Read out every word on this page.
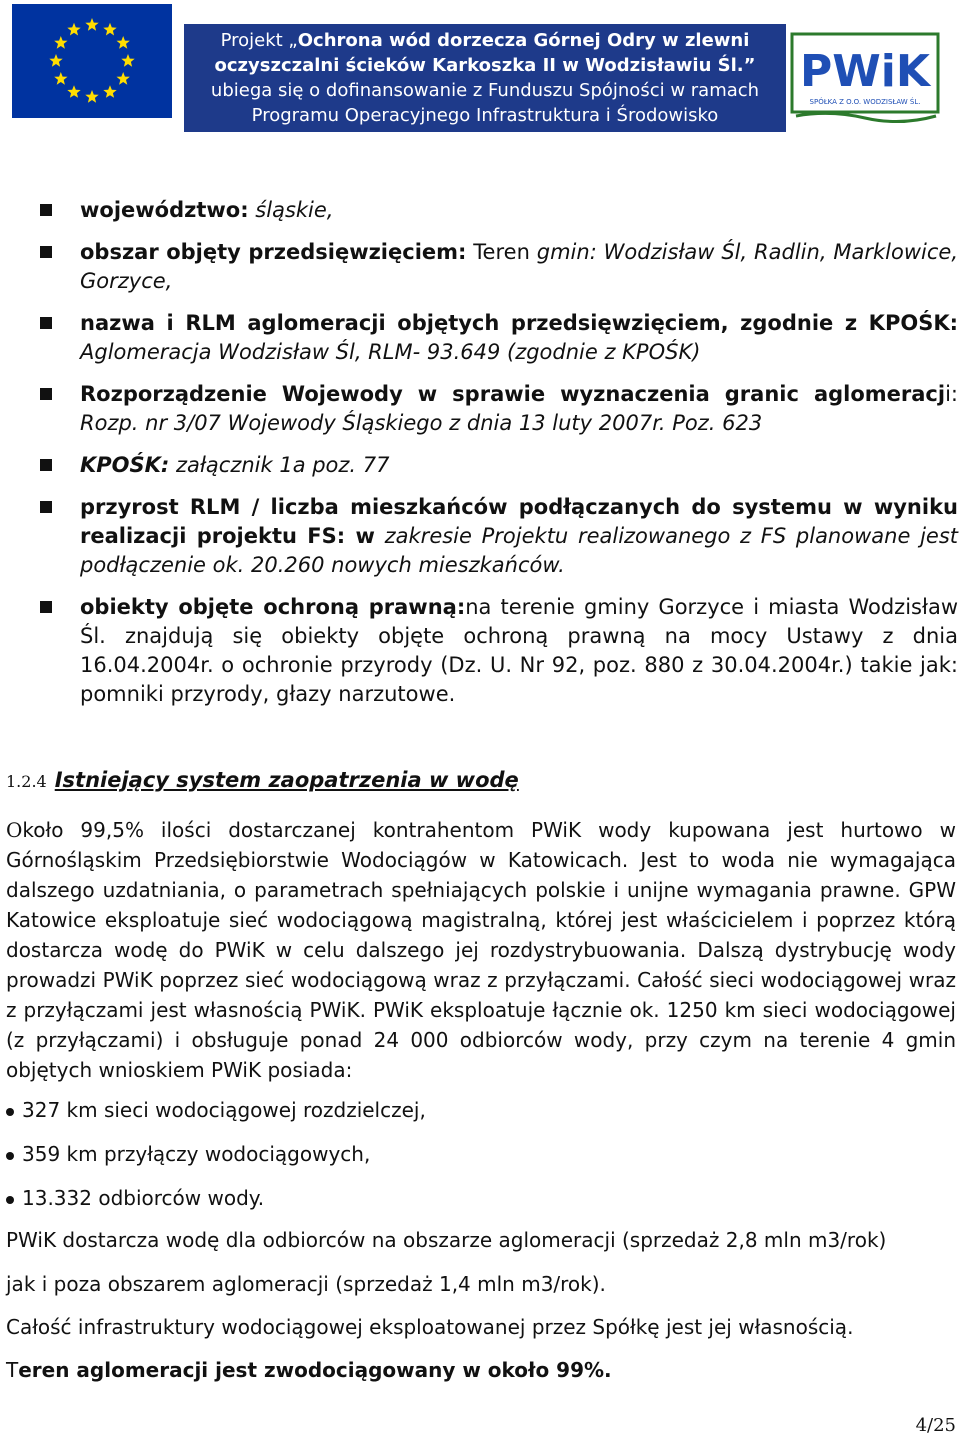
Projekt „Ochrona wód dorzecza Górnej Odry w zlewni
oczyszczalni ścieków Karkoszka II w Wodzisławiu Śl.”
ubiega się o dofinansowanie z Funduszu Spójności w ramach
Programu Operacyjnego Infrastruktura i Środowisko
PWiK
SPÓŁKA Z O.O. WODZISŁAW ŚL.
województwo: śląskie,
obszar objęty przedsięwzięciem: Teren gmin: Wodzisław Śl, Radlin, Marklowice, Gorzyce,
nazwa i RLM aglomeracji objętych przedsięwzięciem, zgodnie z KPOŚK: Aglomeracja Wodzisław Śl, RLM- 93.649 (zgodnie z KPOŚK)
Rozporządzenie Wojewody w sprawie wyznaczenia granic aglomeracji: Rozp. nr 3/07 Wojewody Śląskiego z dnia 13 luty 2007r. Poz. 623
KPOŚK: załącznik 1a poz. 77
przyrost RLM / liczba mieszkańców podłączanych do systemu w wyniku realizacji projektu FS: w zakresie Projektu realizowanego z FS planowane jest podłączenie ok. 20.260 nowych mieszkańców.
obiekty objęte ochroną prawną:na terenie gminy Gorzyce i miasta Wodzisław Śl. znajdują się obiekty objęte ochroną prawną na mocy Ustawy z dnia 16.04.2004r. o ochronie przyrody (Dz. U. Nr 92, poz. 880 z 30.04.2004r.) takie jak: pomniki przyrody, głazy narzutowe.
1.2.4 Istniejący system zaopatrzenia w wodę
Około 99,5% ilości dostarczanej kontrahentom PWiK wody kupowana jest hurtowo w Górnośląskim Przedsiębiorstwie Wodociągów w Katowicach. Jest to woda nie wymagająca dalszego uzdatniania, o parametrach spełniających polskie i unijne wymagania prawne. GPW Katowice eksploatuje sieć wodociągową magistralną, której jest właścicielem i poprzez którą dostarcza wodę do PWiK w celu dalszego jej rozdystrybuowania. Dalszą dystrybucję wody prowadzi PWiK poprzez sieć wodociągową wraz z przyłączami. Całość sieci wodociągowej wraz z przyłączami jest własnością PWiK. PWiK eksploatuje łącznie ok. 1250 km sieci wodociągowej (z przyłączami) i obsługuje ponad 24 000 odbiorców wody, przy czym na terenie 4 gmin objętych wnioskiem PWiK posiada:
327 km sieci wodociągowej rozdzielczej,
359 km przyłączy wodociągowych,
13.332 odbiorców wody.
PWiK dostarcza wodę dla odbiorców na obszarze aglomeracji (sprzedaż 2,8 mln m3/rok)
jak i poza obszarem aglomeracji (sprzedaż 1,4 mln m3/rok).
Całość infrastruktury wodociągowej eksploatowanej przez Spółkę jest jej własnością.
Teren aglomeracji jest zwodociągowany w około 99%.
4/25
